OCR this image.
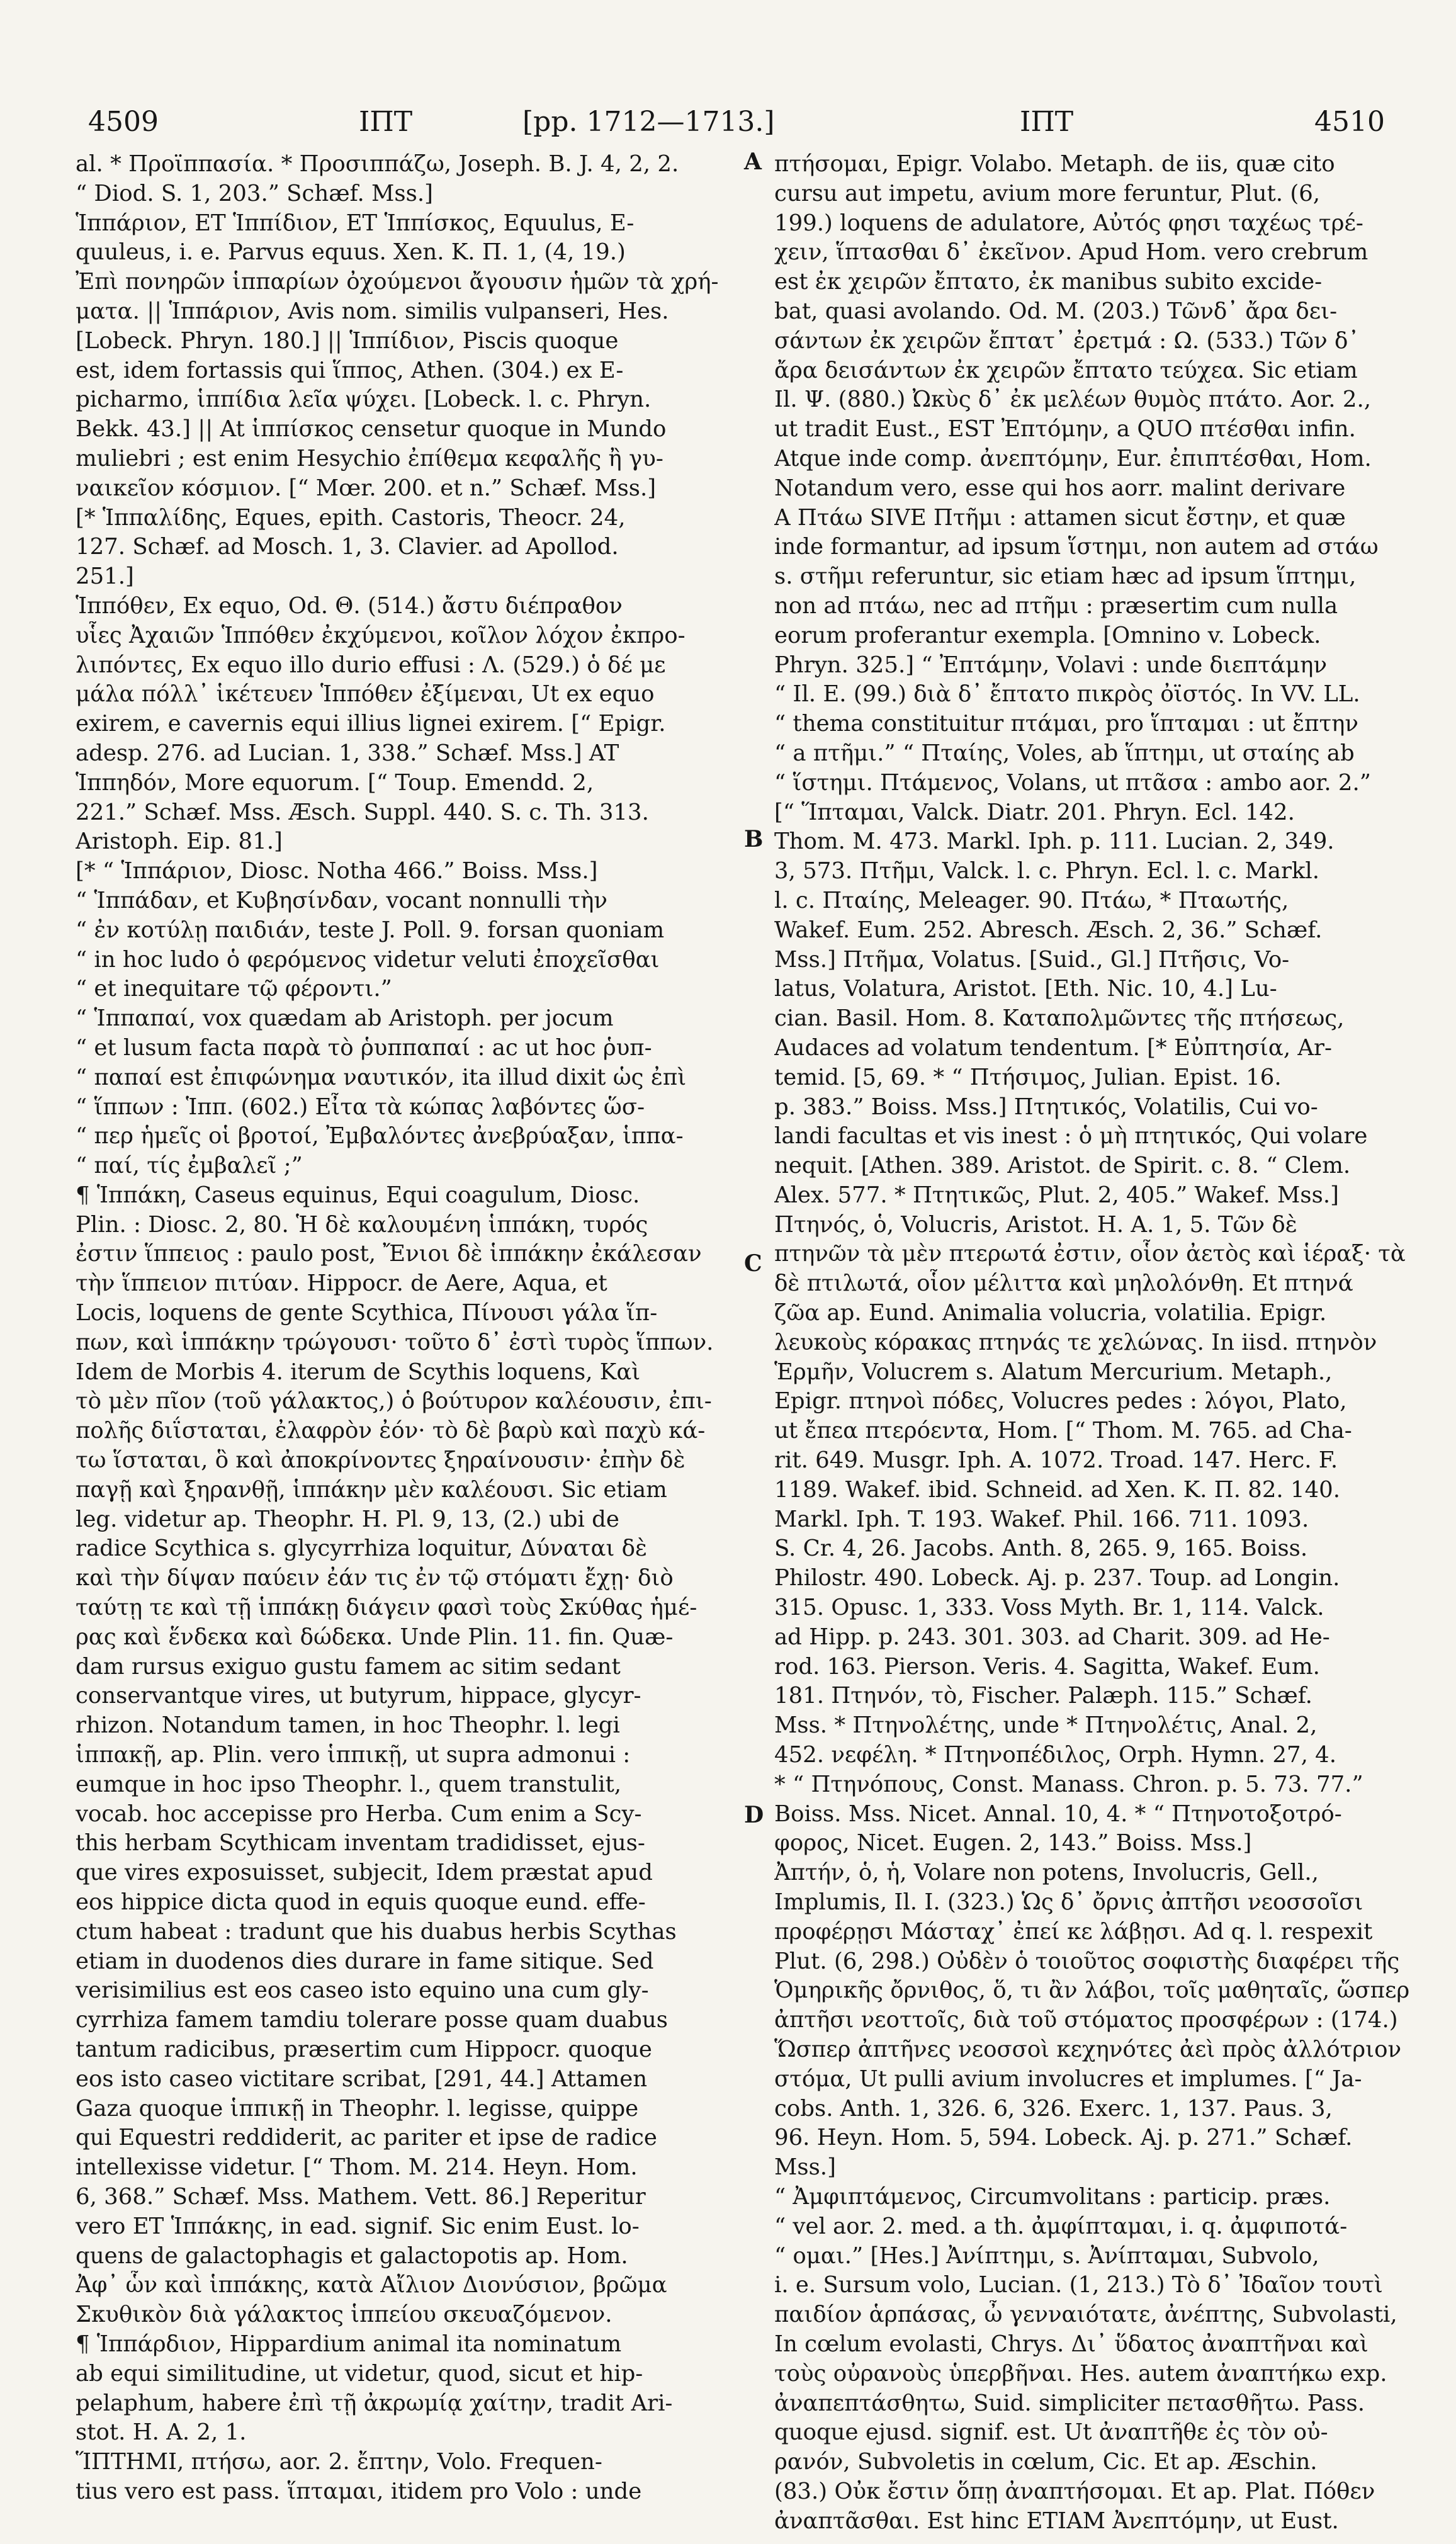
4509	ΙΠΤ	[pp. 1712—1713.]	ΙΠΤ	4510
A
B
C
D

al. * Προϊππασία. * Προσιππάζω, Joseph. B. J. 4, 2, 2.

“ Diod. S. 1, 203.” Schæf. Mss.]

Ἱππάριον, ET Ἱππίδιον, ET Ἱππίσκος, Equulus, E-

quuleus, i. e. Parvus equus. Xen. K. Π. 1, (4, 19.)

Ἐπὶ πονηρῶν ἱππαρίων ὀχούμενοι ἄγουσιν ἡμῶν τὰ χρή-

ματα. || Ἱππάριον, Avis nom. similis vulpanseri, Hes.

[Lobeck. Phryn. 180.] || Ἱππίδιον, Piscis quoque

est, idem fortassis qui ἵππος, Athen. (304.) ex E-

picharmo, ἱππίδια λεῖα ψύχει. [Lobeck. l. c. Phryn.

Bekk. 43.] || At ἱππίσκος censetur quoque in Mundo

muliebri ; est enim Hesychio ἐπίθεμα κεφαλῆς ἢ γυ-

ναικεῖον κόσμιον. [“ Mœr. 200. et n.” Schæf. Mss.]

[* Ἱππαλίδης, Eques, epith. Castoris, Theocr. 24,

127. Schæf. ad Mosch. 1, 3. Clavier. ad Apollod.

251.]

Ἱππόθεν, Ex equo, Od. Θ. (514.) ἄστυ διέπραθον

υἷες Ἀχαιῶν Ἱππόθεν ἐκχύμενοι, κοῖλον λόχον ἐκπρο-

λιπόντες, Ex equo illo durio effusi : Λ. (529.) ὁ δέ με

μάλα πόλλ᾽ ἱκέτευεν Ἱππόθεν ἐξίμεναι, Ut ex equo

exirem, e cavernis equi illius lignei exirem. [“ Epigr.

adesp. 276. ad Lucian. 1, 338.” Schæf. Mss.] AT

Ἱππηδόν, More equorum. [“ Toup. Emendd. 2,

221.” Schæf. Mss. Æsch. Suppl. 440. S. c. Th. 313.

Aristoph. Eip. 81.]

[* “ Ἱππάριον, Diosc. Notha 466.” Boiss. Mss.]

“ Ἱππάδαν, et Κυβησίνδαν, vocant nonnulli τὴν

“ ἐν κοτύλῃ παιδιάν, teste J. Poll. 9. forsan quoniam

“ in hoc ludo ὁ φερόμενος videtur veluti ἐποχεῖσθαι

“ et inequitare τῷ φέροντι.”

“ Ἱππαπαί, vox quædam ab Aristoph. per jocum

“ et lusum facta παρὰ τὸ ῥυππαπαί : ac ut hoc ῥυπ-

“ παπαί est ἐπιφώνημα ναυτικόν, ita illud dixit ὡς ἐπὶ

“ ἵππων : Ἱππ. (602.) Εἶτα τὰ κώπας λαβόντες ὥσ-

“ περ ἡμεῖς οἱ βροτοί, Ἐμβαλόντες ἀνεβρύαξαν, ἱππα-

“ παί, τίς ἐμβαλεῖ ;”

¶ Ἱππάκη, Caseus equinus, Equi coagulum, Diosc.

Plin. : Diosc. 2, 80. Ἡ δὲ καλουμένη ἱππάκη, τυρός

ἐστιν ἵππειος : paulo post, Ἔνιοι δὲ ἱππάκην ἐκάλεσαν

τὴν ἵππειον πιτύαν. Hippocr. de Aere, Aqua, et

Locis, loquens de gente Scythica, Πίνουσι γάλα ἵπ-

πων, καὶ ἱππάκην τρώγουσι· τοῦτο δ᾽ ἐστὶ τυρὸς ἵππων.

Idem de Morbis 4. iterum de Scythis loquens, Καὶ

τὸ μὲν πῖον (τοῦ γάλακτος,) ὁ βούτυρον καλέουσιν, ἐπι-

πολῆς διΐσταται, ἐλαφρὸν ἐόν· τὸ δὲ βαρὺ καὶ παχὺ κά-

τω ἵσταται, ὃ καὶ ἀποκρίνοντες ξηραίνουσιν· ἐπὴν δὲ

παγῇ καὶ ξηρανθῇ, ἱππάκην μὲν καλέουσι. Sic etiam

leg. videtur ap. Theophr. H. Pl. 9, 13, (2.) ubi de

radice Scythica s. glycyrrhiza loquitur, Δύναται δὲ

καὶ τὴν δίψαν παύειν ἐάν τις ἐν τῷ στόματι ἔχῃ· διὸ

ταύτῃ τε καὶ τῇ ἱππάκῃ διάγειν φασὶ τοὺς Σκύθας ἡμέ-

ρας καὶ ἕνδεκα καὶ δώδεκα. Unde Plin. 11. fin. Quæ-

dam rursus exiguo gustu famem ac sitim sedant

conservantque vires, ut butyrum, hippace, glycyr-

rhizon. Notandum tamen, in hoc Theophr. l. legi

ἱππακῇ, ap. Plin. vero ἱππικῇ, ut supra admonui :

eumque in hoc ipso Theophr. l., quem transtulit,

vocab. hoc accepisse pro Herba. Cum enim a Scy-

this herbam Scythicam inventam tradidisset, ejus-

que vires exposuisset, subjecit, Idem præstat apud

eos hippice dicta quod in equis quoque eund. effe-

ctum habeat : tradunt que his duabus herbis Scythas

etiam in duodenos dies durare in fame sitique. Sed

verisimilius est eos caseo isto equino una cum gly-

cyrrhiza famem tamdiu tolerare posse quam duabus

tantum radicibus, præsertim cum Hippocr. quoque

eos isto caseo victitare scribat, [291, 44.] Attamen

Gaza quoque ἱππικῇ in Theophr. l. legisse, quippe

qui Equestri reddiderit, ac pariter et ipse de radice

intellexisse videtur. [“ Thom. M. 214. Heyn. Hom.

6, 368.” Schæf. Mss. Mathem. Vett. 86.] Reperitur

vero ET Ἱππάκης, in ead. signif. Sic enim Eust. lo-

quens de galactophagis et galactopotis ap. Hom.

Ἀφ᾽ ὧν καὶ ἱππάκης, κατὰ Αἴλιον Διονύσιον, βρῶμα

Σκυθικὸν διὰ γάλακτος ἱππείου σκευαζόμενον.

¶ Ἱππάρδιον, Hippardium animal ita nominatum

ab equi similitudine, ut videtur, quod, sicut et hip-

pelaphum, habere ἐπὶ τῇ ἀκρωμίᾳ χαίτην, tradit Ari-

stot. H. A. 2, 1.

ἽΠΤΗΜΙ, πτήσω, aor. 2. ἔπτην, Volo. Frequen-

tius vero est pass. ἵπταμαι, itidem pro Volo : unde

πτήσομαι, Epigr. Volabo. Metaph. de iis, quæ cito

cursu aut impetu, avium more feruntur, Plut. (6,

199.) loquens de adulatore, Αὐτός φησι ταχέως τρέ-

χειν, ἵπτασθαι δ᾽ ἐκεῖνον. Apud Hom. vero crebrum

est ἐκ χειρῶν ἔπτατο, ἐκ manibus subito excide-

bat, quasi avolando. Od. M. (203.) Τῶνδ᾽ ἄρα δει-

σάντων ἐκ χειρῶν ἔπτατ᾽ ἐρετμά : Ω. (533.) Τῶν δ᾽

ἄρα δεισάντων ἐκ χειρῶν ἔπτατο τεύχεα. Sic etiam

Il. Ψ. (880.) Ὠκὺς δ᾽ ἐκ μελέων θυμὸς πτάτο. Aor. 2.,

ut tradit Eust., EST Ἐπτόμην, a QUO πτέσθαι infin.

Atque inde comp. ἀνεπτόμην, Eur. ἐπιπτέσθαι, Hom.

Notandum vero, esse qui hos aorr. malint derivare

A Πτάω SIVE Πτῆμι : attamen sicut ἔστην, et quæ

inde formantur, ad ipsum ἵστημι, non autem ad στάω

s. στῆμι referuntur, sic etiam hæc ad ipsum ἵπτημι,

non ad πτάω, nec ad πτῆμι : præsertim cum nulla

eorum proferantur exempla. [Omnino v. Lobeck.

Phryn. 325.] “ Ἐπτάμην, Volavi : unde διεπτάμην

“ Il. E. (99.) διὰ δ᾽ ἔπτατο πικρὸς ὀϊστός. In VV. LL.

“ thema constituitur πτάμαι, pro ἵπταμαι : ut ἔπτην

“ a πτῆμι.” “ Πταίης, Voles, ab ἵπτημι, ut σταίης ab

“ ἵστημι. Πτάμενος, Volans, ut πτᾶσα : ambo aor. 2.”

[“ Ἵπταμαι, Valck. Diatr. 201. Phryn. Ecl. 142.

Thom. M. 473. Markl. Iph. p. 111. Lucian. 2, 349.

3, 573. Πτῆμι, Valck. l. c. Phryn. Ecl. l. c. Markl.

l. c. Πταίης, Meleager. 90. Πτάω, * Πταωτής,

Wakef. Eum. 252. Abresch. Æsch. 2, 36.” Schæf.

Mss.] Πτῆμα, Volatus. [Suid., Gl.] Πτῆσις, Vo-

latus, Volatura, Aristot. [Eth. Nic. 10, 4.] Lu-

cian. Basil. Hom. 8. Καταπολμῶντες τῆς πτήσεως,

Audaces ad volatum tendentum. [* Εὐπτησία, Ar-

temid. [5, 69. * “ Πτήσιμος, Julian. Epist. 16.

p. 383.” Boiss. Mss.] Πτητικός, Volatilis, Cui vo-

landi facultas et vis inest : ὁ μὴ πτητικός, Qui volare

nequit. [Athen. 389. Aristot. de Spirit. c. 8. “ Clem.

Alex. 577. * Πτητικῶς, Plut. 2, 405.” Wakef. Mss.]

Πτηνός, ὁ, Volucris, Aristot. H. A. 1, 5. Τῶν δὲ

πτηνῶν τὰ μὲν πτερωτά ἐστιν, οἷον ἀετὸς καὶ ἱέραξ· τὰ

δὲ πτιλωτά, οἷον μέλιττα καὶ μηλολόνθη. Et πτηνά

ζῶα ap. Eund. Animalia volucria, volatilia. Epigr.

λευκοὺς κόρακας πτηνάς τε χελώνας. In iisd. πτηνὸν

Ἑρμῆν, Volucrem s. Alatum Mercurium. Metaph.,

Epigr. πτηνοὶ πόδες, Volucres pedes : λόγοι, Plato,

ut ἔπεα πτερόεντα, Hom. [“ Thom. M. 765. ad Cha-

rit. 649. Musgr. Iph. A. 1072. Troad. 147. Herc. F.

1189. Wakef. ibid. Schneid. ad Xen. K. Π. 82. 140.

Markl. Iph. T. 193. Wakef. Phil. 166. 711. 1093.

S. Cr. 4, 26. Jacobs. Anth. 8, 265. 9, 165. Boiss.

Philostr. 490. Lobeck. Aj. p. 237. Toup. ad Longin.

315. Opusc. 1, 333. Voss Myth. Br. 1, 114. Valck.

ad Hipp. p. 243. 301. 303. ad Charit. 309. ad He-

rod. 163. Pierson. Veris. 4. Sagitta, Wakef. Eum.

181. Πτηνόν, τὸ, Fischer. Palæph. 115.” Schæf.

Mss. * Πτηνολέτης, unde * Πτηνολέτις, Anal. 2,

452. νεφέλη. * Πτηνοπέδιλος, Orph. Hymn. 27, 4.

* “ Πτηνόπους, Const. Manass. Chron. p. 5. 73. 77.”

Boiss. Mss. Nicet. Annal. 10, 4. * “ Πτηνοτοξοτρό-

φορος, Nicet. Eugen. 2, 143.” Boiss. Mss.]

Ἀπτήν, ὁ, ἡ, Volare non potens, Involucris, Gell.,

Implumis, Il. I. (323.) Ὡς δ᾽ ὄρνις ἀπτῆσι νεοσσοῖσι

προφέρῃσι Μάσταχ᾽ ἐπεί κε λάβῃσι. Ad q. l. respexit

Plut. (6, 298.) Οὐδὲν ὁ τοιοῦτος σοφιστὴς διαφέρει τῆς

Ὁμηρικῆς ὄρνιθος, ὅ, τι ἂν λάβοι, τοῖς μαθηταῖς, ὥσπερ

ἀπτῆσι νεοττοῖς, διὰ τοῦ στόματος προσφέρων : (174.)

Ὥσπερ ἀπτῆνες νεοσσοὶ κεχηνότες ἀεὶ πρὸς ἀλλότριον

στόμα, Ut pulli avium involucres et implumes. [“ Ja-

cobs. Anth. 1, 326. 6, 326. Exerc. 1, 137. Paus. 3,

96. Heyn. Hom. 5, 594. Lobeck. Aj. p. 271.” Schæf.

Mss.]

“ Ἀμφιπτάμενος, Circumvolitans : particip. præs.

“ vel aor. 2. med. a th. ἀμφίπταμαι, i. q. ἀμφιποτά-

“ ομαι.” [Hes.] Ἀνίπτημι, s. Ἀνίπταμαι, Subvolo,

i. e. Sursum volo, Lucian. (1, 213.) Τὸ δ᾽ Ἰδαῖον τουτὶ

παιδίον ἁρπάσας, ὦ γενναιότατε, ἀνέπτης, Subvolasti,

In cœlum evolasti, Chrys. Δι᾽ ὕδατος ἀναπτῆναι καὶ

τοὺς οὐρανοὺς ὑπερβῆναι. Hes. autem ἀναπτήκω exp.

ἀναπεπτάσθητω, Suid. simpliciter πετασθῆτω. Pass.

quoque ejusd. signif. est. Ut ἀναπτῆθε ἐς τὸν οὐ-

ρανόν, Subvoletis in cœlum, Cic. Et ap. Æschin.

(83.) Οὐκ ἔστιν ὅπῃ ἀναπτήσομαι. Et ap. Plat. Πόθεν

ἀναπτᾶσθαι. Est hinc ETIAM Ἀνεπτόμην, ut Eust.
